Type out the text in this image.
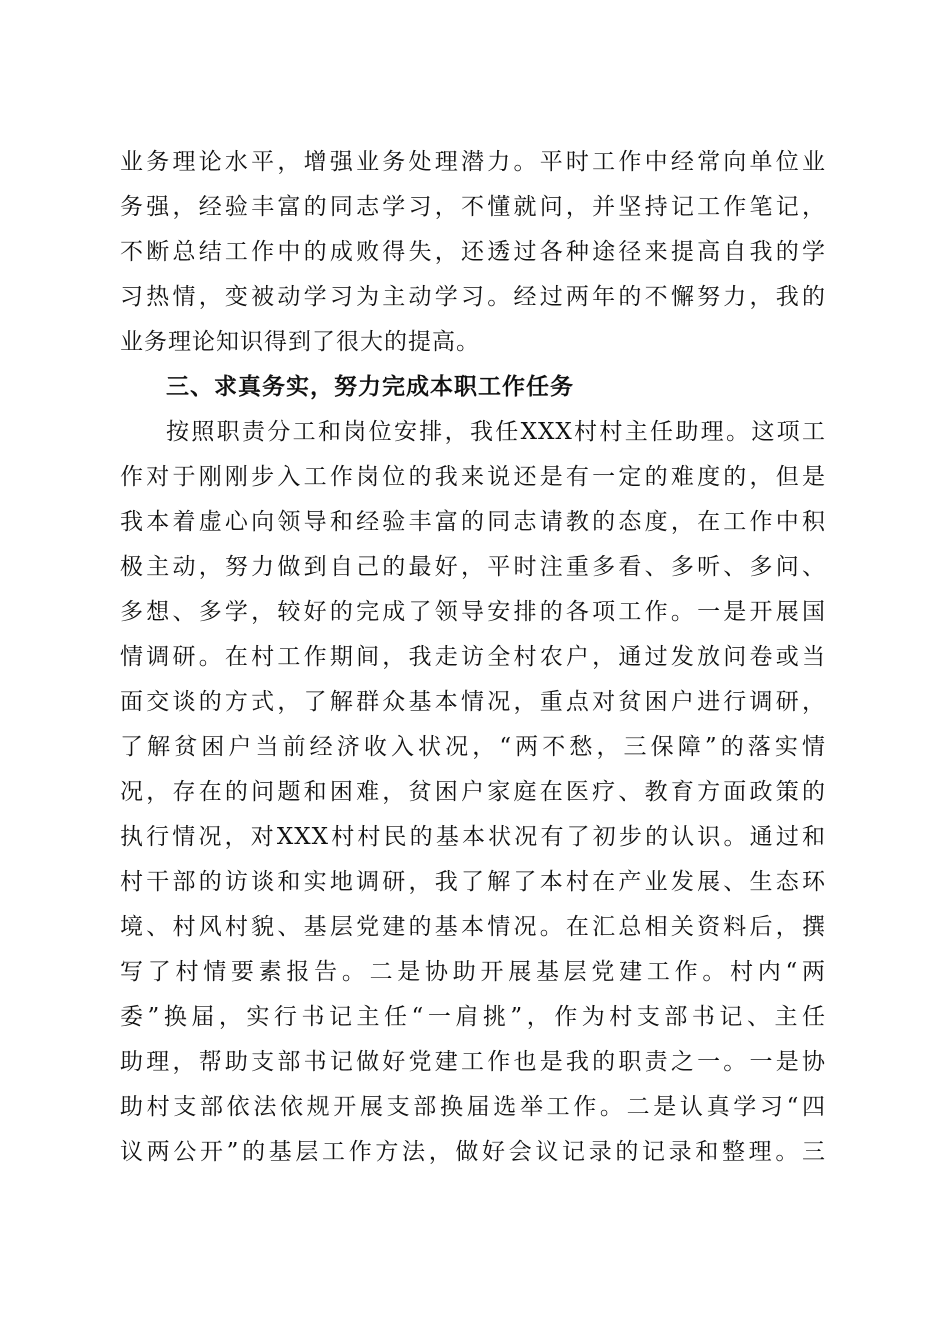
业务理论水平，增强业务处理潜力。平时工作中经常向单位业
务强，经验丰富的同志学习，不懂就问，并坚持记工作笔记，
不断总结工作中的成败得失，还透过各种途径来提高自我的学
习热情，变被动学习为主动学习。经过两年的不懈努力，我的
业务理论知识得到了很大的提高。
三、求真务实，努力完成本职工作任务
按照职责分工和岗位安排，我任XXX村村主任助理。这项工
作对于刚刚步入工作岗位的我来说还是有一定的难度的，但是
我本着虚心向领导和经验丰富的同志请教的态度，在工作中积
极主动，努力做到自己的最好，平时注重多看、多听、多问、
多想、多学，较好的完成了领导安排的各项工作。一是开展国
情调研。在村工作期间，我走访全村农户，通过发放问卷或当
面交谈的方式，了解群众基本情况，重点对贫困户进行调研，
了解贫困户当前经济收入状况，“两不愁，三保障”的落实情
况，存在的问题和困难，贫困户家庭在医疗、教育方面政策的
执行情况，对XXX村村民的基本状况有了初步的认识。通过和
村干部的访谈和实地调研，我了解了本村在产业发展、生态环
境、村风村貌、基层党建的基本情况。在汇总相关资料后，撰
写了村情要素报告。二是协助开展基层党建工作。村内“两
委”换届，实行书记主任“一肩挑”，作为村支部书记、主任
助理，帮助支部书记做好党建工作也是我的职责之一。一是协
助村支部依法依规开展支部换届选举工作。二是认真学习“四
议两公开”的基层工作方法，做好会议记录的记录和整理。三
